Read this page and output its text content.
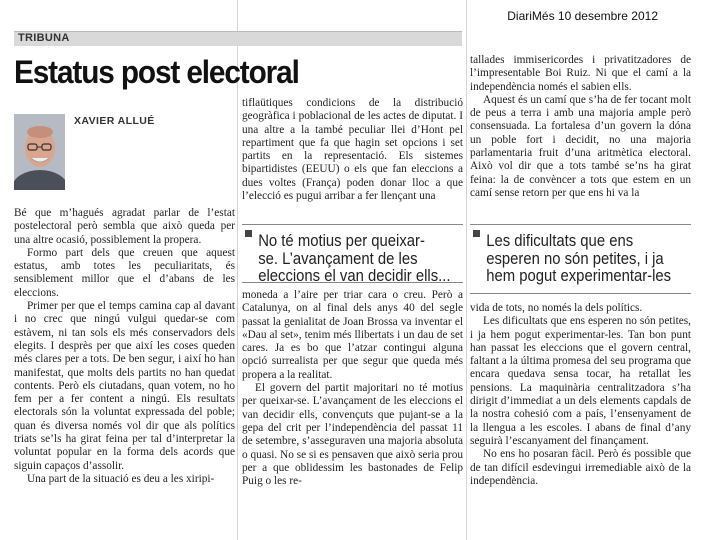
DiariMés 10 desembre 2012
TRIBUNA
Estatus post electoral
XAVIER ALLUÉ

Bé que m’hagués agradat parlar de l’estat postelectoral però sembla que això queda per una altre ocasió, possiblement la propera.

Formo part dels que creuen que aquest estatus, amb totes les peculiaritats, és sensiblement millor que el d’abans de les eleccions.

Primer per que el temps camina cap al davant i no crec que ningú vulgui quedar-se com estàvem, ni tan sols els més conservadors dels elegits. I desprès per que així les coses queden més clares per a tots. De ben segur, i així ho han manifestat, que molts dels partits no han quedat contents. Però els ciutadans, quan votem, no ho fem per a fer content a ningú. Els resultats electorals són la voluntat expressada del poble; quan és diversa només vol dir que als polítics triats se’ls ha girat feina per tal d’interpretar la voluntat popular en la forma dels acords que siguin capaços d’assolir.

Una part de la situació es deu a les xiripi-

tiflaütiques condicions de la distribució geogràfica i poblacional de les actes de diputat. I una altre a la també peculiar llei d’Hont pel repartiment que fa que hagin set opcions i set partits en la representació. Els sistemes bipartidistes (EEUU) o els que fan eleccions a dues voltes (França) poden donar lloc a que l’elecció es pugui arribar a fer llençant una

No té motius per queixar-
se. L’avançament de les
eleccions el van decidir ells...

moneda a l’aire per triar cara o creu. Però a Catalunya, on al final dels anys 40 del segle passat la genialitat de Joan Brossa va inventar el «Dau al set», tenim més llibertats i un dau de set cares. Ja es bo que l’atzar contingui alguna opció surrealista per que segur que queda més propera a la realitat.

El govern del partit majoritari no té motius per queixar-se. L’avançament de les eleccions el van decidir ells, convençuts que pujant-se a la gepa del crit per l’independència del passat 11 de setembre, s’asseguraven una majoria absoluta o quasi. No se si es pensaven que això seria prou per a que oblidessim les bastonades de Felip Puig o les re-

tallades immisericordes i privatitzadores de l’impresentable Boi Ruiz. Ni que el camí a la independència només el sabien ells.

Aquest és un camí que s’ha de fer tocant molt de peus a terra i amb una majoria ample però consensuada. La fortalesa d’un govern la dóna un poble fort i decidit, no una majoria parlamentaria fruit d’una aritmètica electoral. Això vol dir que a tots també se’ns ha girat feina: la de convèncer a tots que estem en un camí sense retorn per que ens hi va la

Les dificultats que ens
esperen no són petites, i ja
hem pogut experimentar-les

vida de tots, no només la dels polítics.

Les dificultats que ens esperen no són petites, i ja hem pogut experimentar-les. Tan bon punt han passat les eleccions que el govern central, faltant a la última promesa del seu programa que encara quedava sensa tocar, ha retallat les pensions. La maquinària centralitzadora s’ha dirigit d’immediat a un dels elements capdals de la nostra cohesió com a país, l’ensenyament de la llengua a les escoles. I abans de final d’any seguirà l’escanyament del finançament.

No ens ho posaran fàcil. Però és possible que de tan difícil esdevingui irremediable això de la independència.
